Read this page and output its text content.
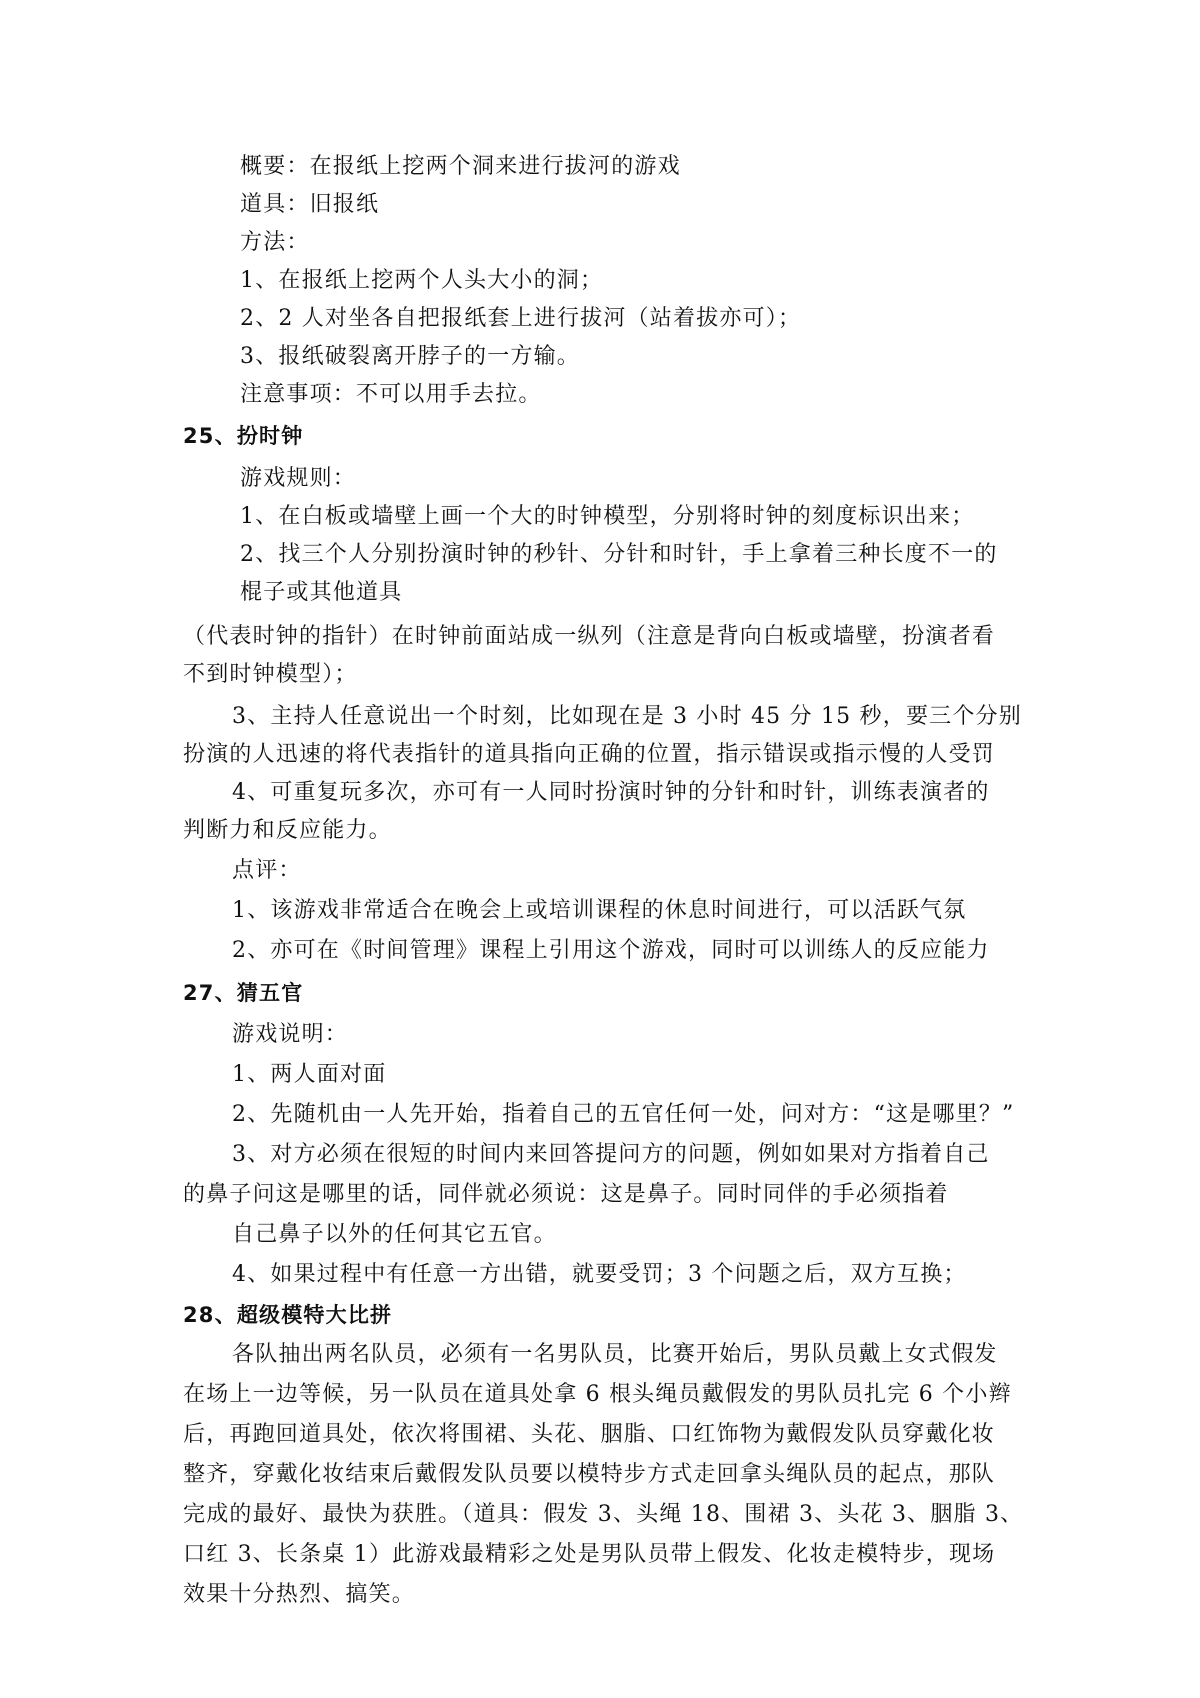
概要：在报纸上挖两个洞来进行拔河的游戏
道具：旧报纸
方法：
1、在报纸上挖两个人头大小的洞；
2、2 人对坐各自把报纸套上进行拔河（站着拔亦可）；
3、报纸破裂离开脖子的一方输。
注意事项：不可以用手去拉。
25、扮时钟
游戏规则：
1、在白板或墙壁上画一个大的时钟模型，分别将时钟的刻度标识出来；
2、找三个人分别扮演时钟的秒针、分针和时针，手上拿着三种长度不一的
棍子或其他道具
（代表时钟的指针）在时钟前面站成一纵列（注意是背向白板或墙壁，扮演者看
不到时钟模型）；
3、主持人任意说出一个时刻，比如现在是 3 小时 45 分 15 秒，要三个分别
扮演的人迅速的将代表指针的道具指向正确的位置，指示错误或指示慢的人受罚
4、可重复玩多次，亦可有一人同时扮演时钟的分针和时针，训练表演者的
判断力和反应能力。
点评：
1、该游戏非常适合在晚会上或培训课程的休息时间进行，可以活跃气氛
2、亦可在《时间管理》课程上引用这个游戏，同时可以训练人的反应能力
27、猜五官
游戏说明：
1、两人面对面
2、先随机由一人先开始，指着自己的五官任何一处，问对方：“这是哪里？”
3、对方必须在很短的时间内来回答提问方的问题，例如如果对方指着自己
的鼻子问这是哪里的话，同伴就必须说：这是鼻子。同时同伴的手必须指着
自己鼻子以外的任何其它五官。
4、如果过程中有任意一方出错，就要受罚；3 个问题之后，双方互换；
28、超级模特大比拼
各队抽出两名队员，必须有一名男队员，比赛开始后，男队员戴上女式假发
在场上一边等候，另一队员在道具处拿 6 根头绳员戴假发的男队员扎完 6 个小辫
后，再跑回道具处，依次将围裙、头花、胭脂、口红饰物为戴假发队员穿戴化妆
整齐，穿戴化妆结束后戴假发队员要以模特步方式走回拿头绳队员的起点，那队
完成的最好、最快为获胜。（道具：假发 3、头绳 18、围裙 3、头花 3、胭脂 3、
口红 3、长条桌 1）此游戏最精彩之处是男队员带上假发、化妆走模特步，现场
效果十分热烈、搞笑。
